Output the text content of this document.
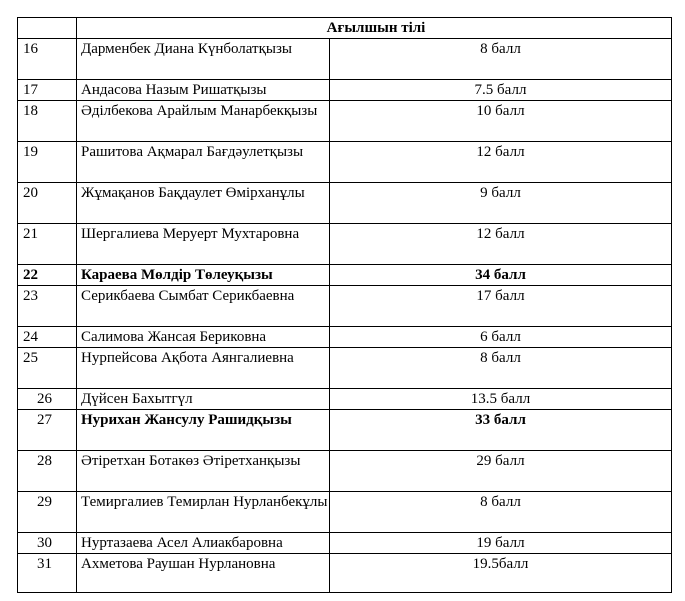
	Ағылшын тілі	
16	Дарменбек Диана Күнболатқызы	8 балл
17	Андасова Назым Ришатқызы	7.5 балл
18	Әділбекова Арайлым Манарбекқызы	10 балл
19	Рашитова Ақмарал Бағдәулетқызы	12 балл
20	Жұмақанов Бақдаулет Өмірханұлы	9 балл
21	Шергалиева Меруерт Мухтаровна	12 балл
22	Караева Мөлдір Төлеуқызы	34 балл
23	Серикбаева Сымбат Серикбаевна	17 балл
24	Салимова Жансая Бериковна	6 балл
25	Нурпейсова Ақбота Аянгалиевна	8 балл
26	Дүйсен Бахытгүл	13.5 балл
27	Нурихан Жансулу Рашидқызы	33 балл
28	Әтіретхан Ботакөз Әтіретханқызы	29 балл
29	Темиргалиев Темирлан Нурланбекұлы	8 балл
30	Нуртазаева Асел Алиакбаровна	19 балл
31	Ахметова Раушан Нурлановна	19.5балл
